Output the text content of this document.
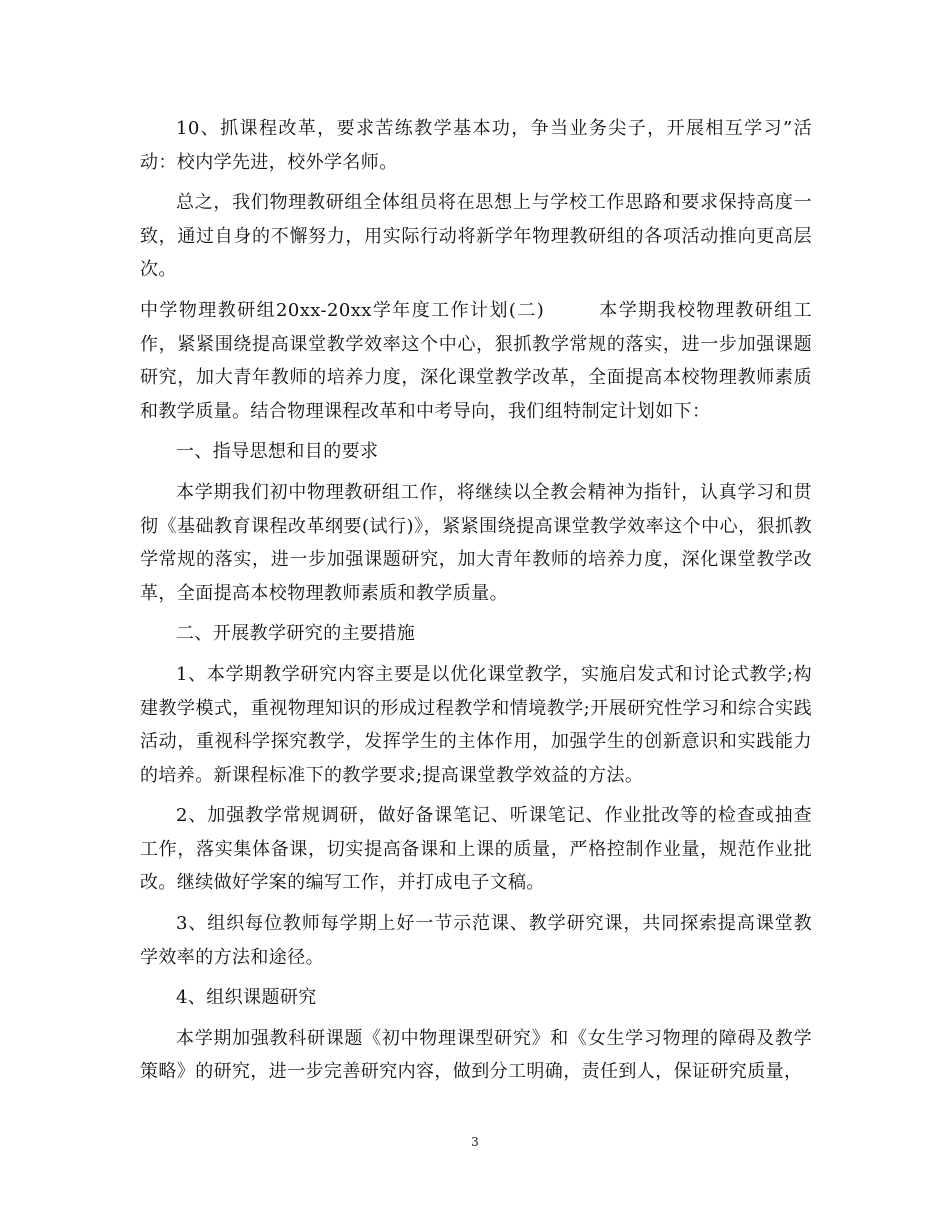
10、抓课程改革，要求苦练教学基本功，争当业务尖子，开展相互学习”活动：校内学先进，校外学名师。

总之，我们物理教研组全体组员将在思想上与学校工作思路和要求保持高度一致，通过自身的不懈努力，用实际行动将新学年物理教研组的各项活动推向更高层次。

中学物理教研组20xx-20xx学年度工作计划(二)	本学期我校物理教研组工作，紧紧围绕提高课堂教学效率这个中心，狠抓教学常规的落实，进一步加强课题研究，加大青年教师的培养力度，深化课堂教学改革，全面提高本校物理教师素质和教学质量。结合物理课程改革和中考导向，我们组特制定计划如下：

一、指导思想和目的要求

本学期我们初中物理教研组工作，将继续以全教会精神为指针，认真学习和贯彻《基础教育课程改革纲要(试行)》，紧紧围绕提高课堂教学效率这个中心，狠抓教学常规的落实，进一步加强课题研究，加大青年教师的培养力度，深化课堂教学改革，全面提高本校物理教师素质和教学质量。

二、开展教学研究的主要措施

1、本学期教学研究内容主要是以优化课堂教学，实施启发式和讨论式教学;构建教学模式，重视物理知识的形成过程教学和情境教学;开展研究性学习和综合实践活动，重视科学探究教学，发挥学生的主体作用，加强学生的创新意识和实践能力的培养。新课程标准下的教学要求;提高课堂教学效益的方法。

2、加强教学常规调研，做好备课笔记、听课笔记、作业批改等的检查或抽查工作，落实集体备课，切实提高备课和上课的质量，严格控制作业量，规范作业批改。继续做好学案的编写工作，并打成电子文稿。

3、组织每位教师每学期上好一节示范课、教学研究课，共同探索提高课堂教学效率的方法和途径。

4、组织课题研究

本学期加强教科研课题《初中物理课型研究》和《女生学习物理的障碍及教学策略》的研究，进一步完善研究内容，做到分工明确，责任到人，保证研究质量，

3
